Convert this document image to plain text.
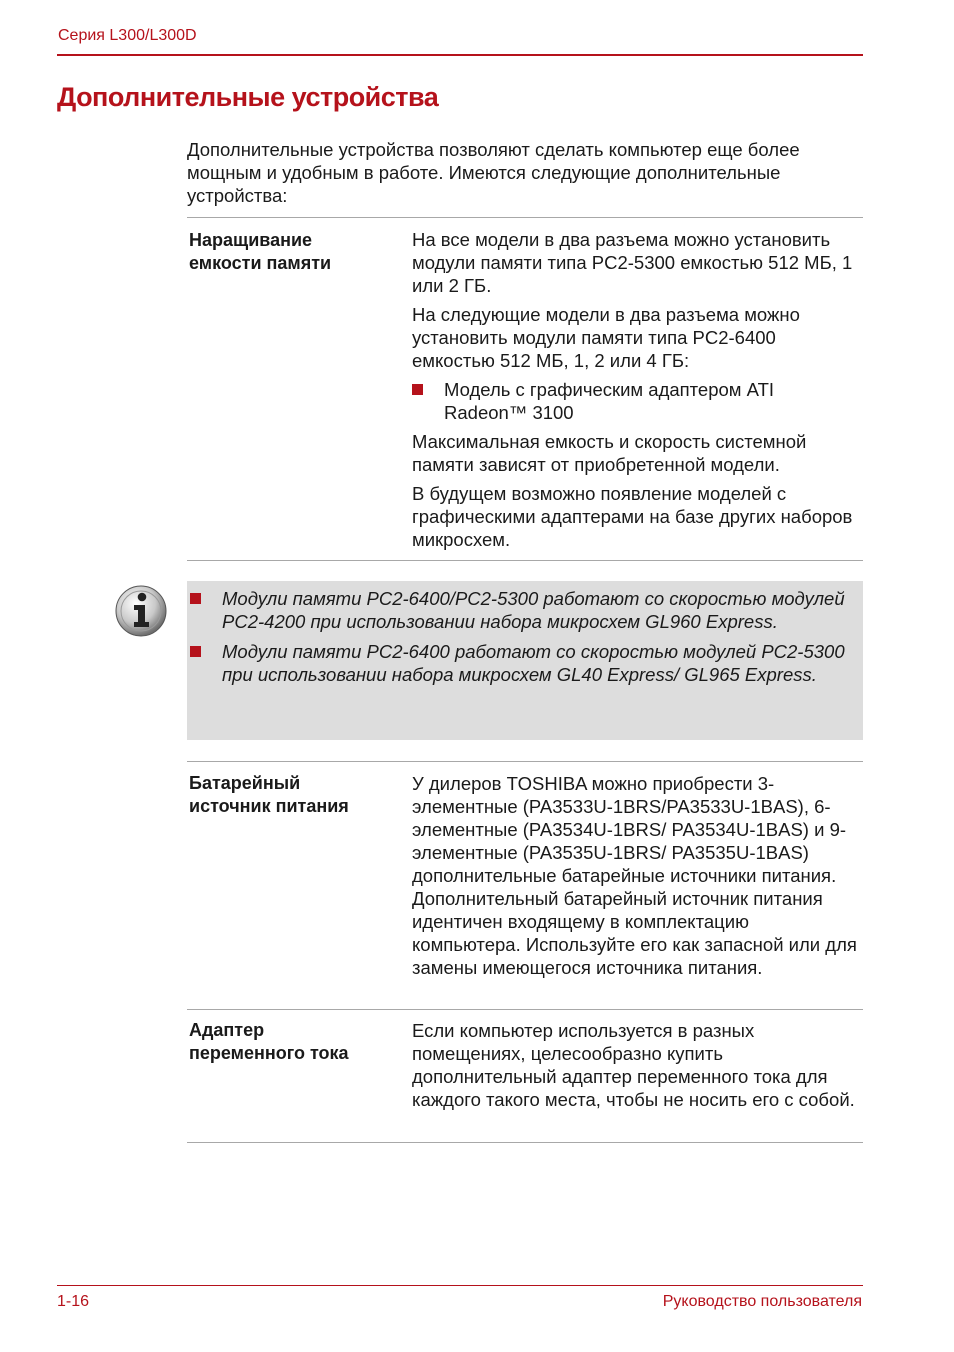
Серия L300/L300D
Дополнительные устройства

Дополнительные устройства позволяют сделать компьютер еще более мощным и удобным в работе. Имеются следующие дополнительные устройства:

Наращивание
емкости памяти

На все модели в два разъема можно установить модули памяти типа PC2-5300 емкостью 512 МБ, 1 или 2 ГБ.

На следующие модели в два разъема можно установить модули памяти типа PC2-6400 емкостью 512 МБ, 1, 2 или 4 ГБ:

Модель с графическим адаптером ATI Radeon™ 3100

Максимальная емкость и скорость системной памяти зависят от приобретенной модели.

В будущем возможно появление моделей с графическими адаптерами на базе других наборов микросхем.

Модули памяти PC2-6400/PC2-5300 работают со скоростью модулей PC2-4200 при использовании набора микросхем GL960 Express.
Модули памяти PC2-6400 работают со скоростью модулей PC2-5300 при использовании набора микросхем GL40 Express/ GL965 Express.
Батарейный
источник питания

У дилеров TOSHIBA можно приобрести 3-элементные (PA3533U-1BRS/PA3533U-1BAS), 6-элементные (PA3534U-1BRS/ PA3534U-1BAS) и 9-элементные (PA3535U-1BRS/ PA3535U-1BAS) дополнительные батарейные источники питания. Дополнительный батарейный источник питания идентичен входящему в комплектацию компьютера. Используйте его как запасной или для замены имеющегося источника питания.

Адаптер
переменного тока

Если компьютер используется в разных помещениях, целесообразно купить дополнительный адаптер переменного тока для каждого такого места, чтобы не носить его с собой.

1-16	Руководство пользователя
